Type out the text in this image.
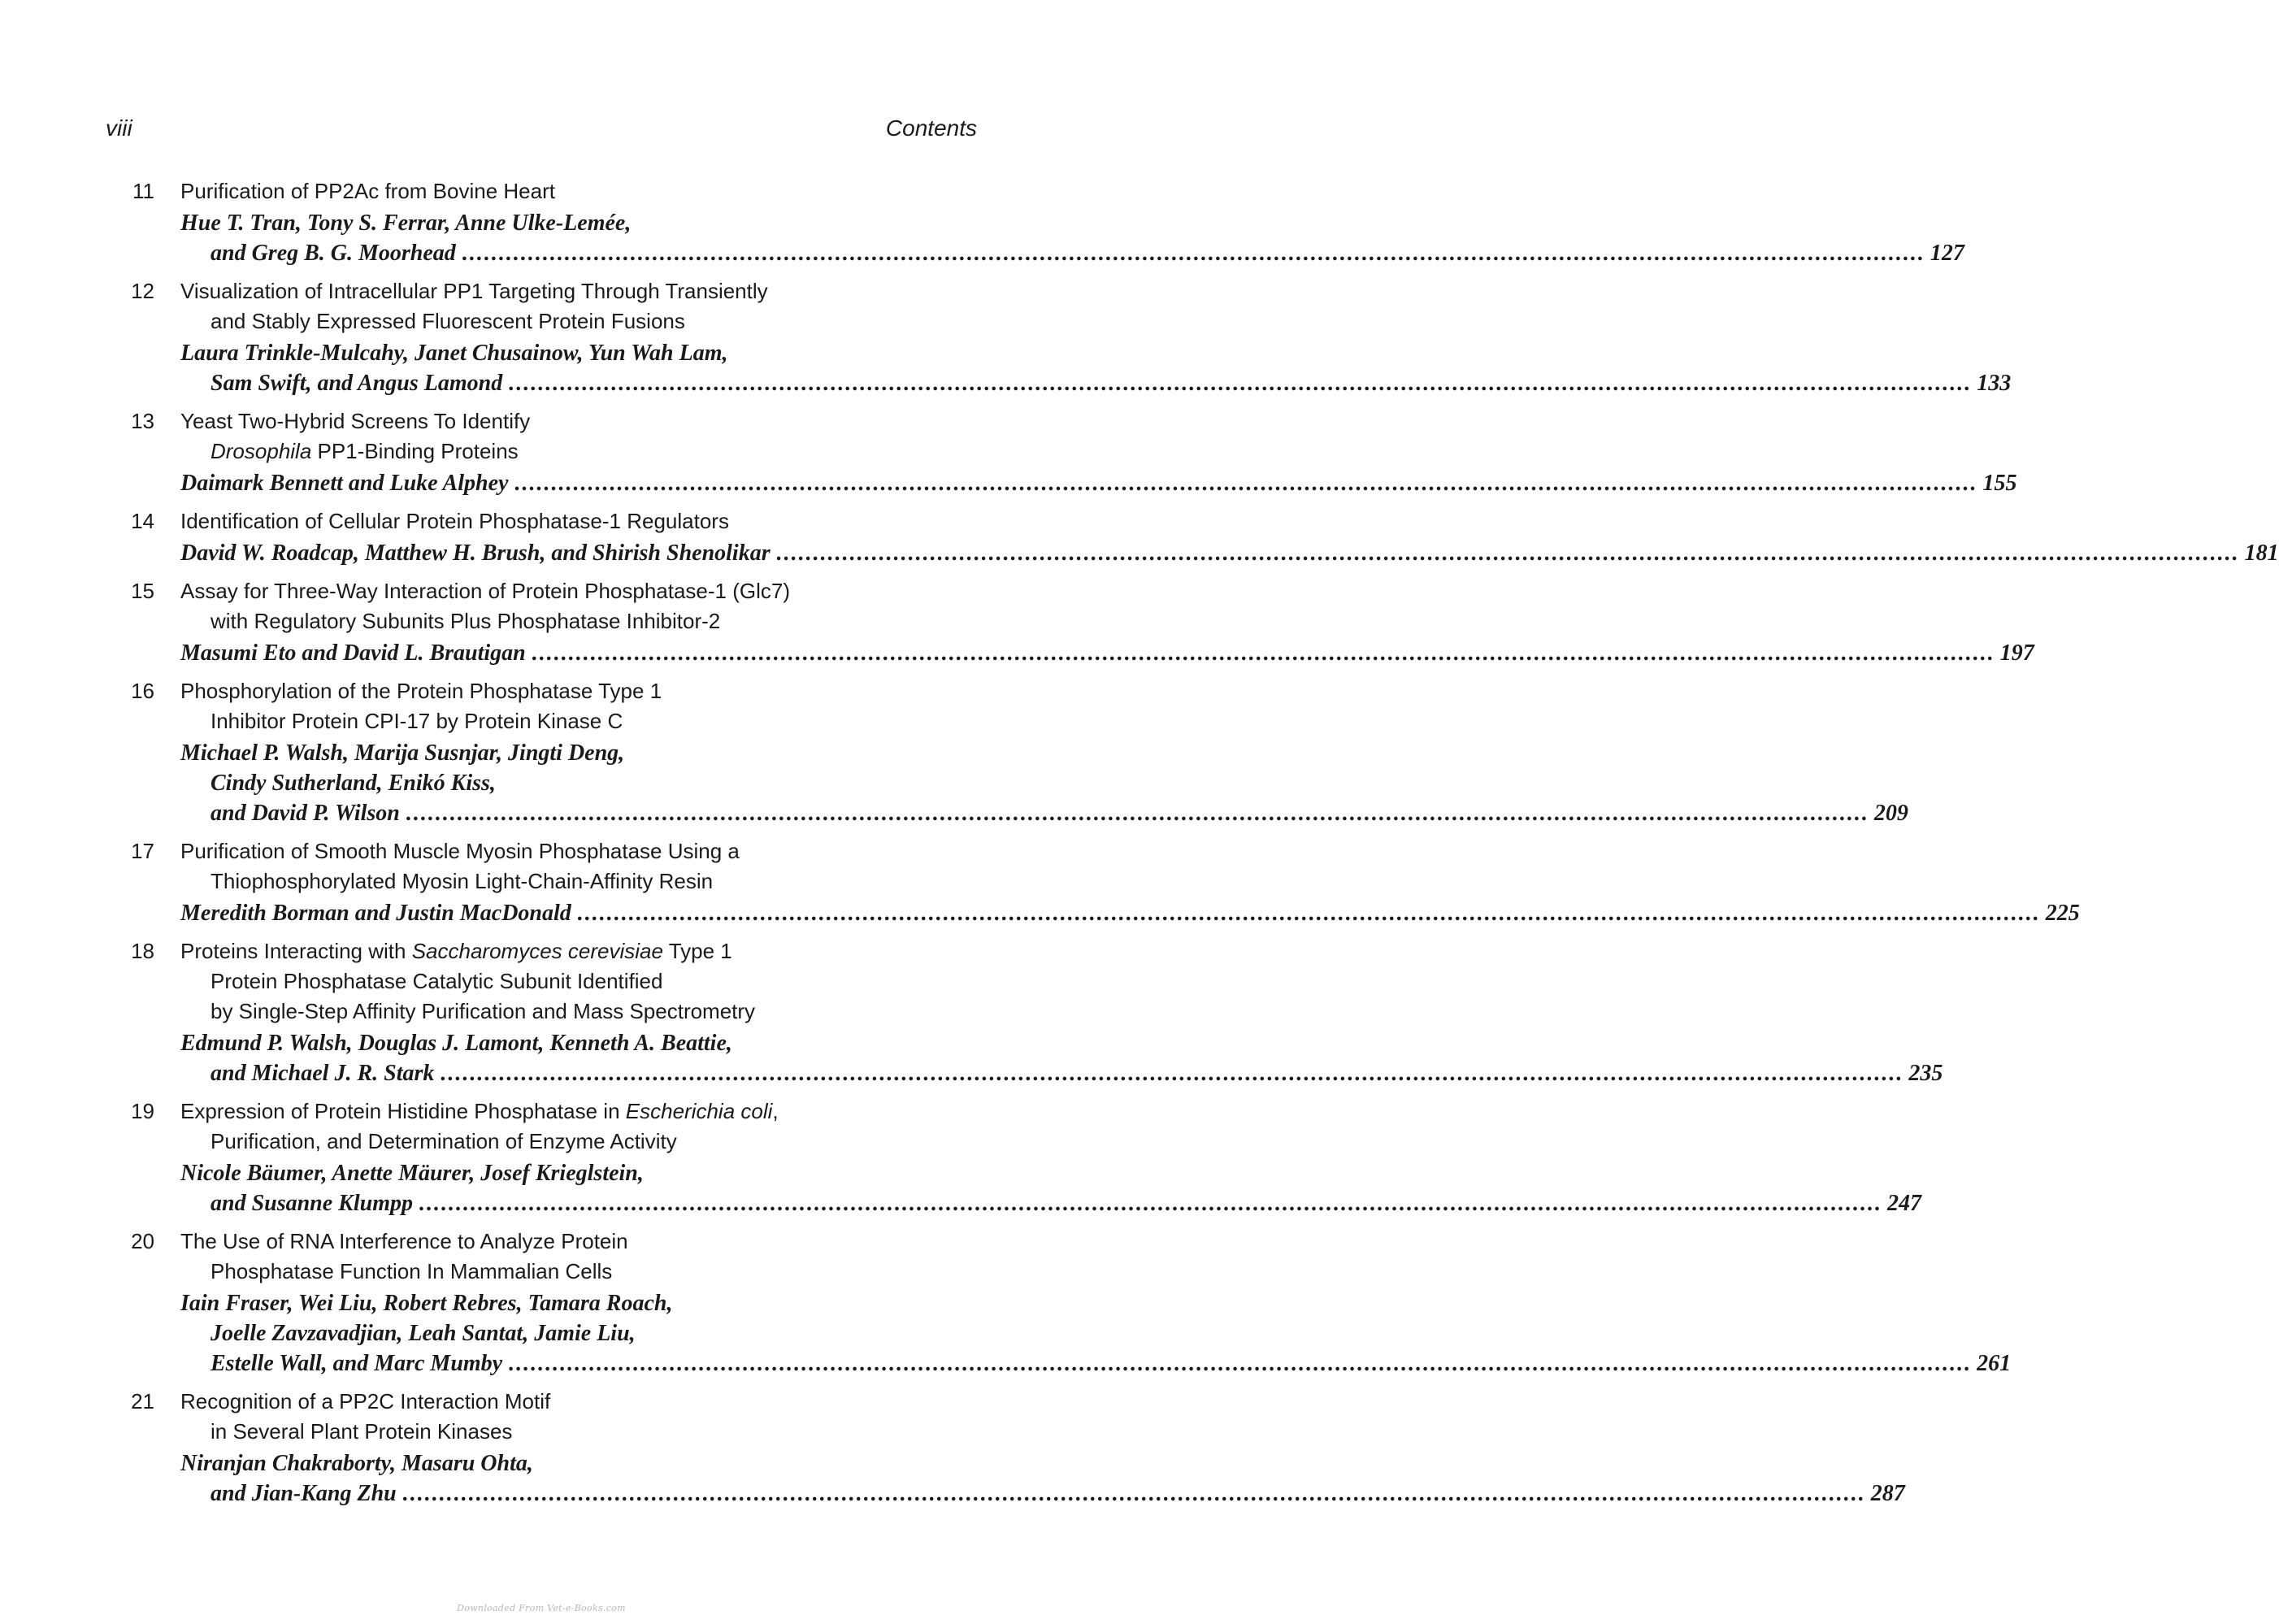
viii	Contents
11 Purification of PP2Ac from Bovine Heart
Hue T. Tran, Tony S. Ferrar, Anne Ulke-Lemée,
and Greg B. G. Moorhead ........................................................................................................................................................................................................ 127
12 Visualization of Intracellular PP1 Targeting Through Transiently
and Stably Expressed Fluorescent Protein Fusions
Laura Trinkle-Mulcahy, Janet Chusainow, Yun Wah Lam,
Sam Swift, and Angus Lamond ........................................................................................................................................................................................................ 133
13 Yeast Two-Hybrid Screens To Identify
Drosophila PP1-Binding Proteins
Daimark Bennett and Luke Alphey ........................................................................................................................................................................................................ 155
14 Identification of Cellular Protein Phosphatase-1 Regulators
David W. Roadcap, Matthew H. Brush, and Shirish Shenolikar ........................................................................................................................................................................................................ 181
15 Assay for Three-Way Interaction of Protein Phosphatase-1 (Glc7)
with Regulatory Subunits Plus Phosphatase Inhibitor-2
Masumi Eto and David L. Brautigan ........................................................................................................................................................................................................ 197
16 Phosphorylation of the Protein Phosphatase Type 1
Inhibitor Protein CPI-17 by Protein Kinase C
Michael P. Walsh, Marija Susnjar, Jingti Deng,
Cindy Sutherland, Enikó Kiss,
and David P. Wilson ........................................................................................................................................................................................................ 209
17 Purification of Smooth Muscle Myosin Phosphatase Using a
Thiophosphorylated Myosin Light-Chain-Affinity Resin
Meredith Borman and Justin MacDonald ........................................................................................................................................................................................................ 225
18 Proteins Interacting with Saccharomyces cerevisiae Type 1
Protein Phosphatase Catalytic Subunit Identified
by Single-Step Affinity Purification and Mass Spectrometry
Edmund P. Walsh, Douglas J. Lamont, Kenneth A. Beattie,
and Michael J. R. Stark ........................................................................................................................................................................................................ 235
19 Expression of Protein Histidine Phosphatase in Escherichia coli,
Purification, and Determination of Enzyme Activity
Nicole Bäumer, Anette Mäurer, Josef Krieglstein,
and Susanne Klumpp ........................................................................................................................................................................................................ 247
20 The Use of RNA Interference to Analyze Protein
Phosphatase Function In Mammalian Cells
Iain Fraser, Wei Liu, Robert Rebres, Tamara Roach,
Joelle Zavzavadjian, Leah Santat, Jamie Liu,
Estelle Wall, and Marc Mumby ........................................................................................................................................................................................................ 261
21 Recognition of a PP2C Interaction Motif
in Several Plant Protein Kinases
Niranjan Chakraborty, Masaru Ohta,
and Jian-Kang Zhu ........................................................................................................................................................................................................ 287
Downloaded From Vet-e-Books.com
